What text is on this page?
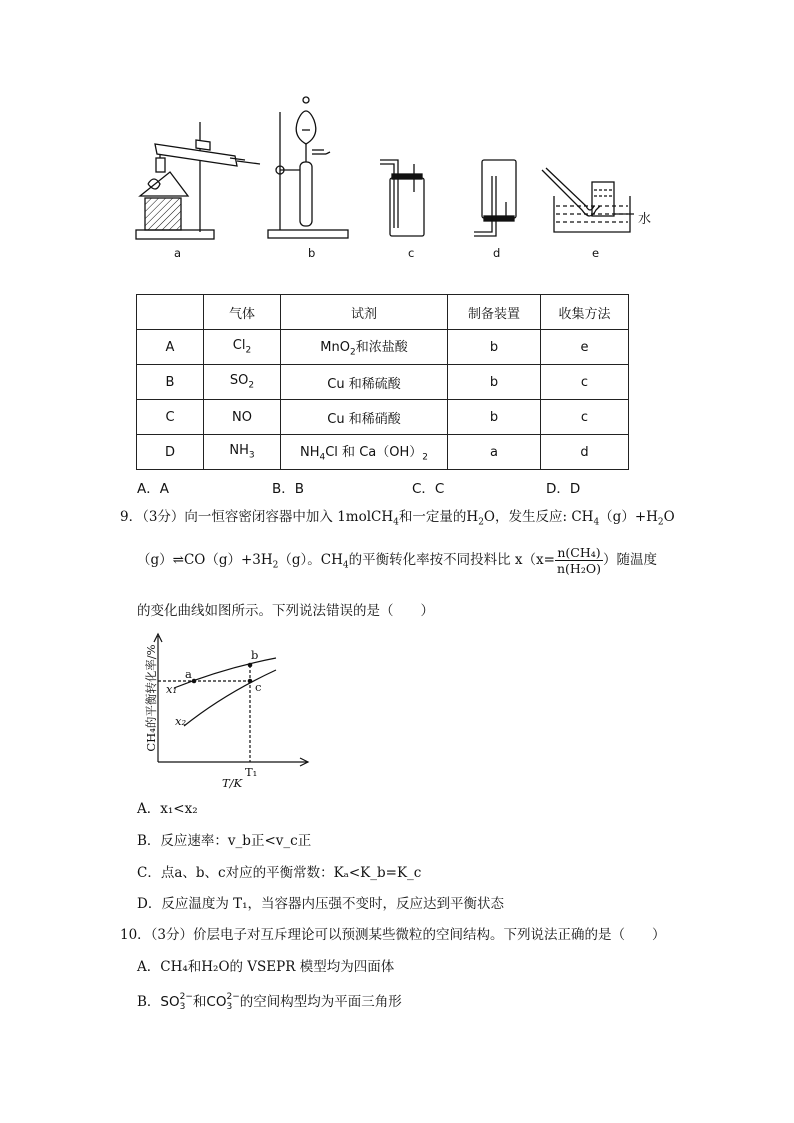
a	b	c	d	e
水
	气体	试剂	制备装置	收集方法
A	$Cl_2$	MnO$_2$和浓盐酸	b	e
B	$SO_2$	Cu 和稀硫酸	b	c
C	NO	Cu 和稀硝酸	b	c
D	$NH_3$	$NH_4Cl$ 和 $Ca(OH)_2$	a	d
A．A	B．B	C．C	D．D
9．（3分）向一恒容密闭容器中加入 1molCH$_4$和一定量的$H_2O$，发生反应: $CH_4(g)+H_2O$
$(g)\rightleftharpoons CO(g)+3H_2(g)$。$CH_4$的平衡转化率按不同投料比 $x(x= \frac{\text{n(CH₄)}}{\text{n(H₂O)}}$ ）随温度
的变化曲线如图所示。下列说法错误的是（　　）
CH₄的平衡转化率/% a
b
c
x₁
x₂
T₁
T/K
A．x₁<x₂
B．反应速率：v_b正<v_c正
C．点a、b、c对应的平衡常数：Kₐ<K_b=K_c
D．反应温度为 T₁，当容器内压强不变时，反应达到平衡状态
10．（3分）价层电子对互斥理论可以预测某些微粒的空间结构。下列说法正确的是（　　）
A．CH₄和H₂O的 VSEPR 模型均为四面体
B．SO 2−
3 和CO 2−
3 的空间构型均为平面三角形
